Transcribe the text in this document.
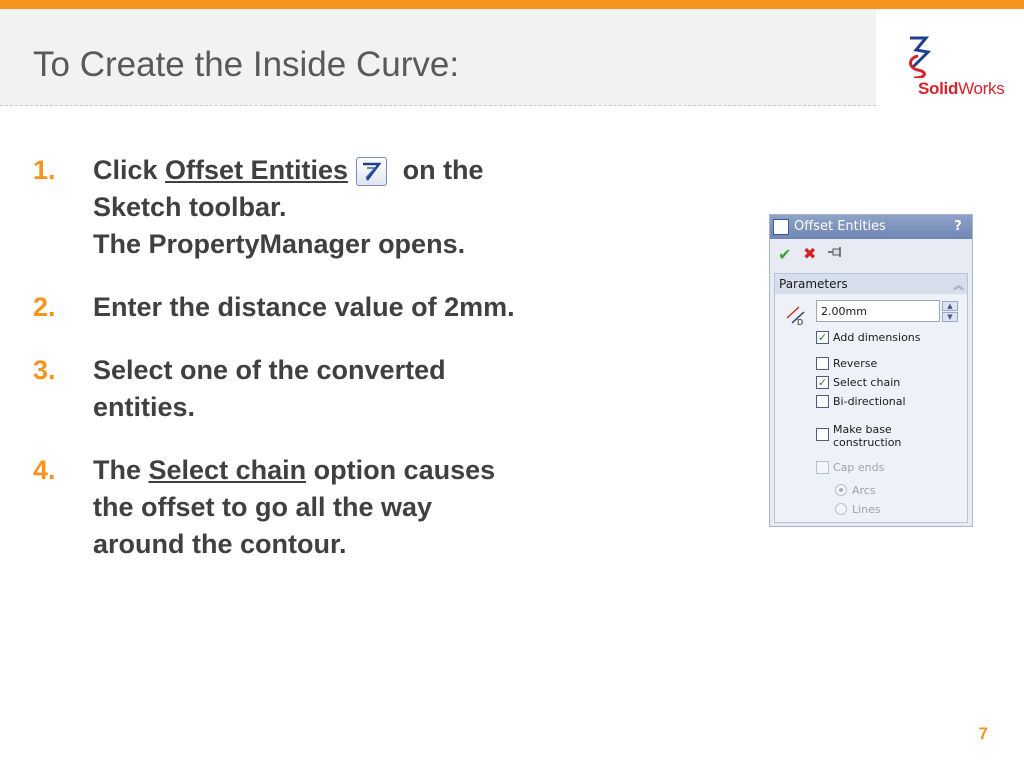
To Create the Inside Curve:
SolidWorks
1. Click Offset Entities on the
Sketch toolbar.
The PropertyManager opens.
2. Enter the distance value of 2mm.
3. Select one of the converted
entities.
4. The Select chain option causes
the offset to go all the way
around the contour.
Offset Entities	?
✔ ✖
Parameters	︽
D
2.00mm
▲
▼
✓ Add dimensions
Reverse
✓ Select chain
Bi-directional
Make base
construction
Cap ends
Arcs
Lines
7
